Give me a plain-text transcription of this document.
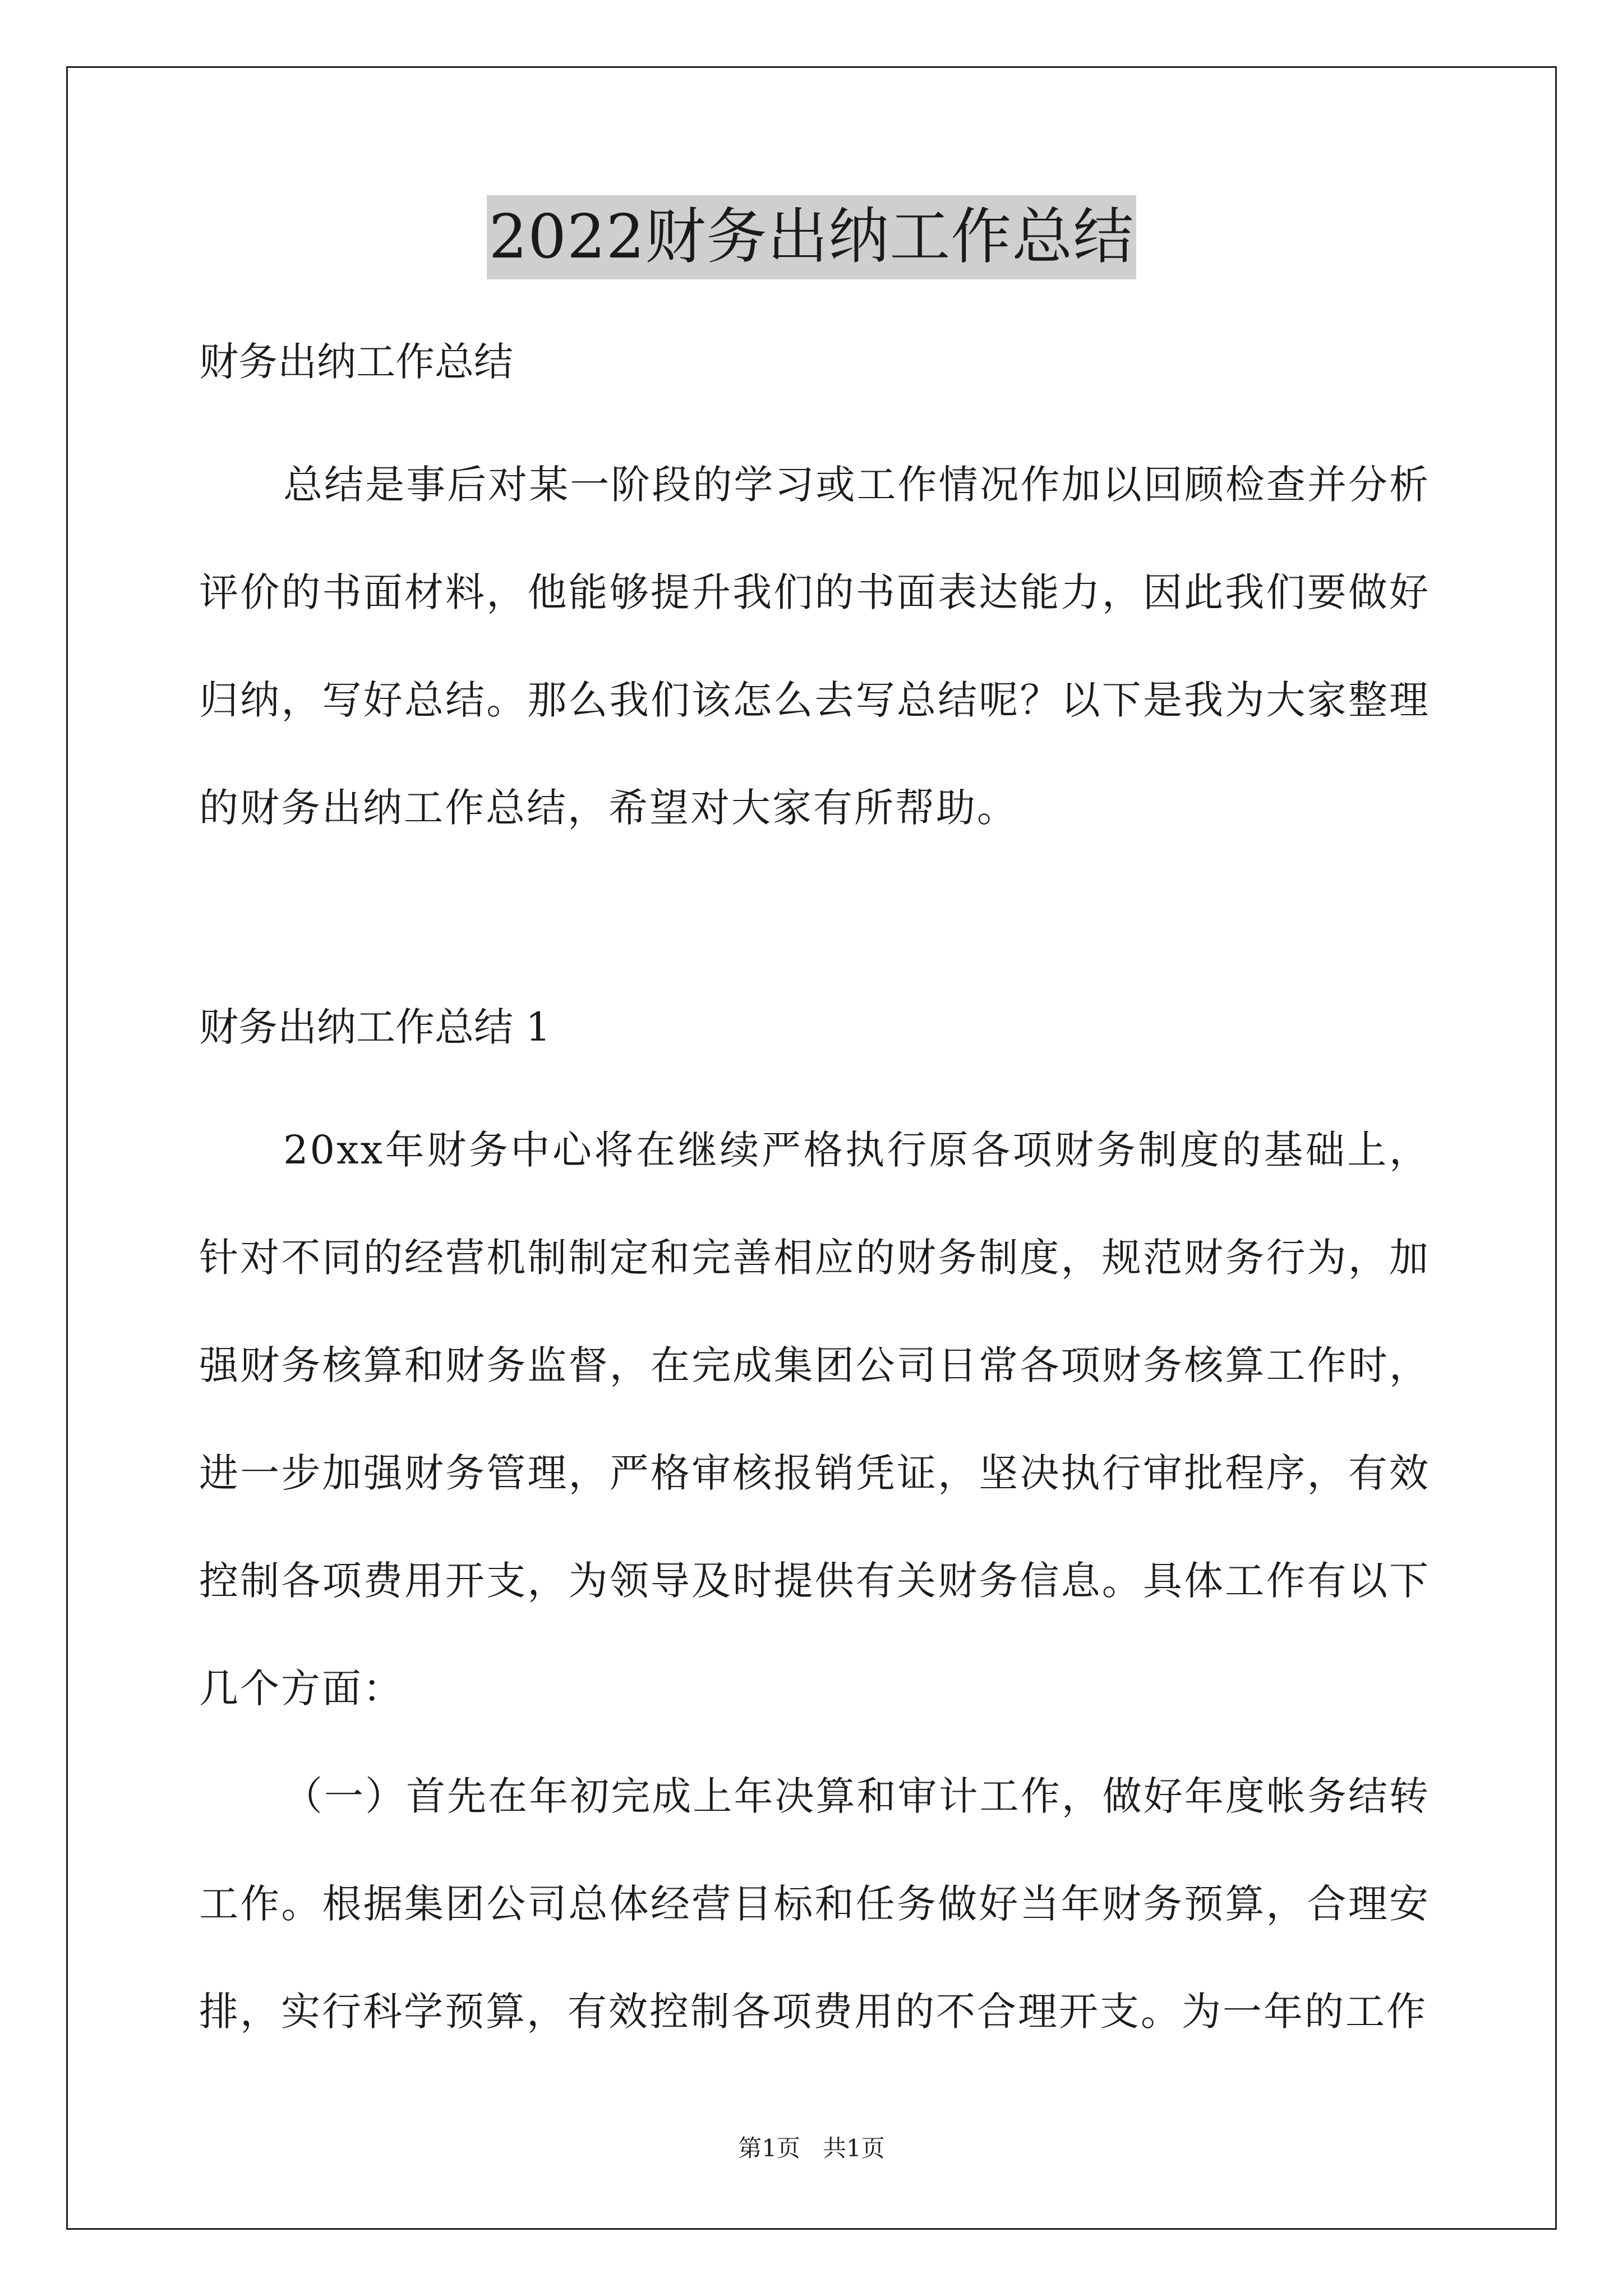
2022财务出纳工作总结

财务出纳工作总结

总结是事后对某一阶段的学习或工作情况作加以回顾检查并分析评价的书面材料，他能够提升我们的书面表达能力，因此我们要做好归纳，写好总结。那么我们该怎么去写总结呢？以下是我为大家整理的财务出纳工作总结，希望对大家有所帮助。

财务出纳工作总结 1

20xx年财务中心将在继续严格执行原各项财务制度的基础上，针对不同的经营机制制定和完善相应的财务制度，规范财务行为，加强财务核算和财务监督，在完成集团公司日常各项财务核算工作时，进一步加强财务管理，严格审核报销凭证，坚决执行审批程序，有效控制各项费用开支，为领导及时提供有关财务信息。具体工作有以下几个方面：

（一）首先在年初完成上年决算和审计工作，做好年度帐务结转工作。根据集团公司总体经营目标和任务做好当年财务预算，合理安排，实行科学预算，有效控制各项费用的不合理开支。为一年的工作

第1页   共1页
